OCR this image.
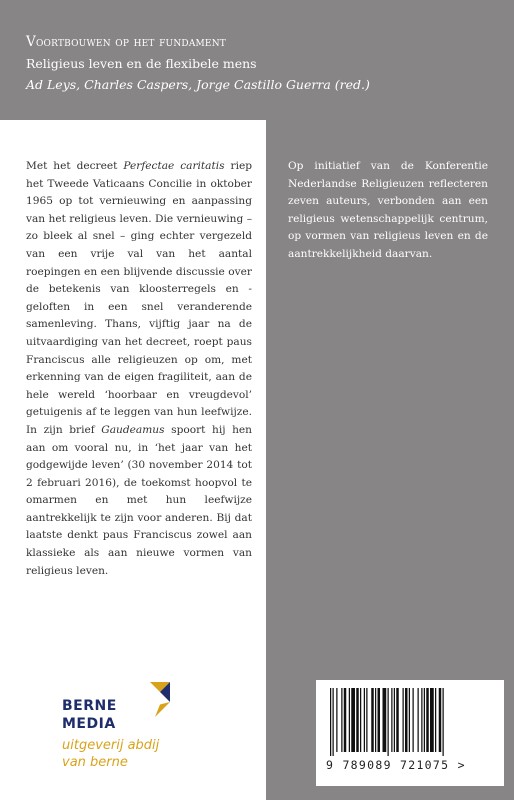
Voortbouwen op het fundament
Religieus leven en de flexibele mens
Ad Leys, Charles Caspers, Jorge Castillo Guerra (red.)

Met het decreet Perfectae caritatis riep het Tweede Vaticaans Concilie in oktober 1965 op tot vernieuwing en aanpassing van het religieus leven. Die vernieuwing – zo bleek al snel – ging echter vergezeld van een vrije val van het aantal roepingen en een blijvende discussie over de betekenis van kloosterregels en -geloften in een snel veranderende samenleving. Thans, vijftig jaar na de uitvaardiging van het decreet, roept paus Franciscus alle religieuzen op om, met erkenning van de eigen fragiliteit, aan de hele wereld ‘hoorbaar en vreugdevol’ getuigenis af te leggen van hun leefwijze. In zijn brief Gaudeamus spoort hij hen aan om vooral nu, in ‘het jaar van het godgewijde leven’ (30 november 2014 tot 2 februari 2016), de toekomst hoopvol te omarmen en met hun leefwijze aantrekkelijk te zijn voor anderen. Bij dat laatste denkt paus Franciscus zowel aan klassieke als aan nieuwe vormen van religieus leven.

Op initiatief van de Konferentie Nederlandse Religieuzen reflecteren zeven auteurs, verbonden aan een religieus wetenschappelijk centrum, op vormen van religieus leven en de aantrekkelijkheid daarvan.

BERNE
MEDIA
uitgeverij abdij
van berne	9 789089 721075 >
